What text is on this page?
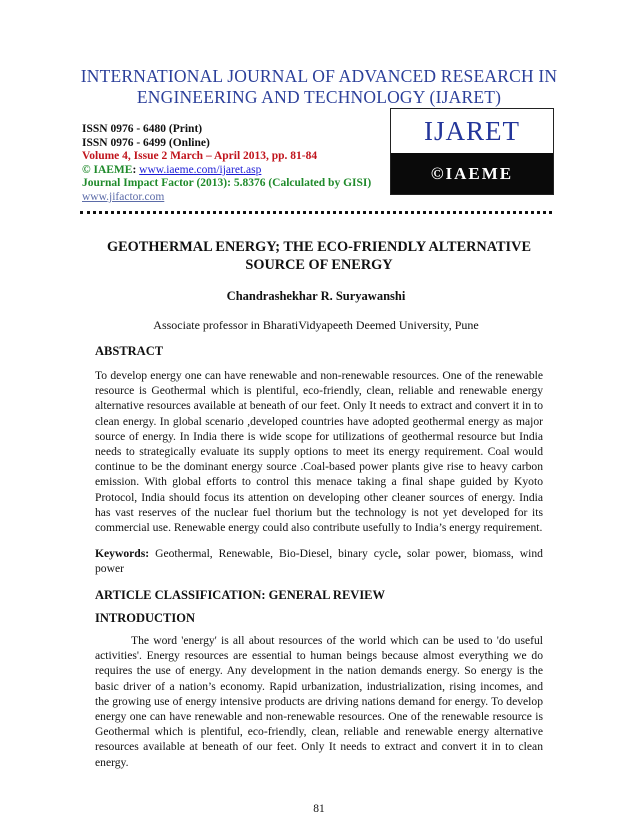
INTERNATIONAL JOURNAL OF ADVANCED RESEARCH IN ENGINEERING AND TECHNOLOGY (IJARET)
ISSN 0976 - 6480 (Print)
ISSN 0976 - 6499 (Online)
Volume 4, Issue 2 March – April 2013, pp. 81-84
© IAEME: www.iaeme.com/ijaret.asp
Journal Impact Factor (2013): 5.8376 (Calculated by GISI)
www.jifactor.com
IJARET
©IAEME
GEOTHERMAL ENERGY; THE ECO-FRIENDLY ALTERNATIVE SOURCE OF ENERGY
Chandrashekhar R. Suryawanshi
Associate professor in BharatiVidyapeeth Deemed University, Pune
ABSTRACT
To develop energy one can have renewable and non-renewable resources. One of the renewable resource is Geothermal which is plentiful, eco-friendly, clean, reliable and renewable energy alternative resources available at beneath of our feet. Only It needs to extract and convert it in to clean energy. In global scenario ,developed countries have adopted geothermal energy as major source of energy. In India there is wide scope for utilizations of geothermal resource but India needs to strategically evaluate its supply options to meet its energy requirement. Coal would continue to be the dominant energy source .Coal-based power plants give rise to heavy carbon emission. With global efforts to control this menace taking a final shape guided by Kyoto Protocol, India should focus its attention on developing other cleaner sources of energy. India has vast reserves of the nuclear fuel thorium but the technology is not yet developed for its commercial use. Renewable energy could also contribute usefully to India’s energy requirement.
Keywords: Geothermal, Renewable, Bio-Diesel, binary cycle, solar power, biomass, wind power
ARTICLE CLASSIFICATION: GENERAL REVIEW
INTRODUCTION
The word 'energy' is all about resources of the world which can be used to 'do useful activities'. Energy resources are essential to human beings because almost everything we do requires the use of energy. Any development in the nation demands energy. So energy is the basic driver of a nation’s economy. Rapid urbanization, industrialization, rising incomes, and the growing use of energy intensive products are driving nations demand for energy. To develop energy one can have renewable and non-renewable resources. One of the renewable resource is Geothermal which is plentiful, eco-friendly, clean, reliable and renewable energy alternative resources available at beneath of our feet. Only It needs to extract and convert it in to clean energy.
81
